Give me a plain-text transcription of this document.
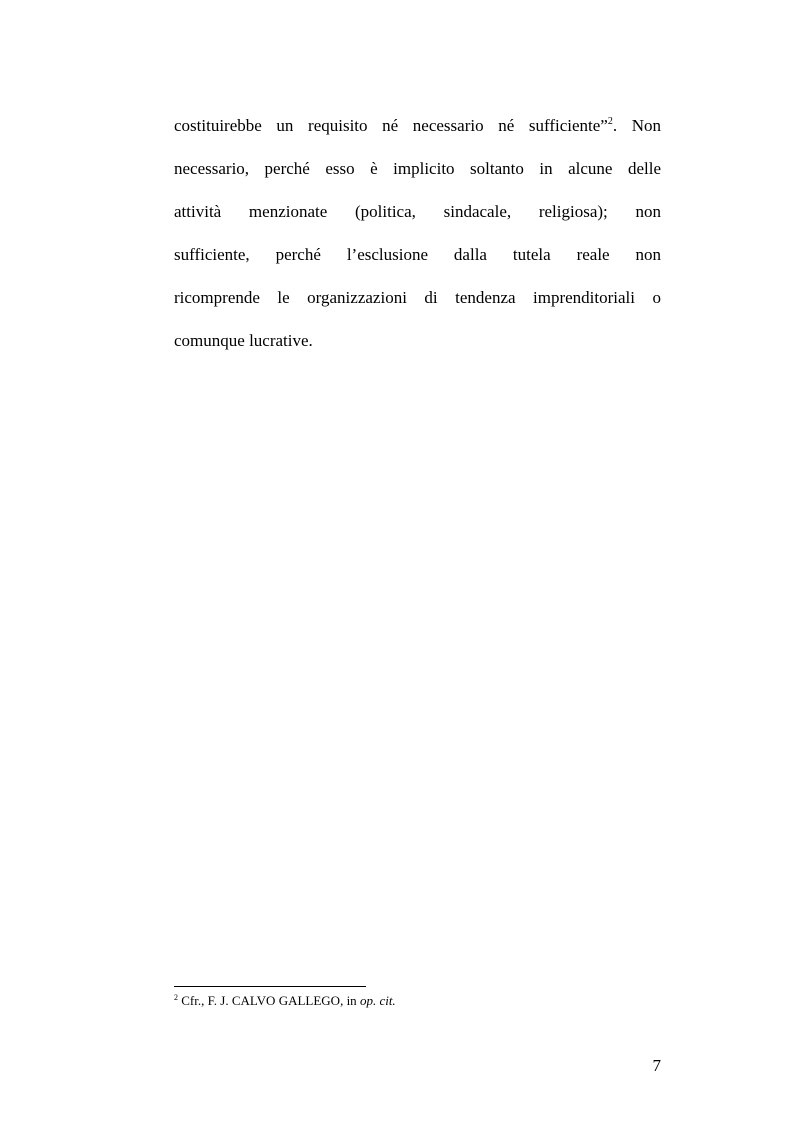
costituirebbe un requisito né necessario né sufficiente”$^2$. Non
necessario, perché esso è implicito soltanto in alcune delle
attività menzionate (politica, sindacale, religiosa); non
sufficiente, perché l’esclusione dalla tutela reale non
ricomprende le organizzazioni di tendenza imprenditoriali o
comunque lucrative.
$^2$ Cfr., F. J. CALVO GALLEGO, in op. cit.
7
